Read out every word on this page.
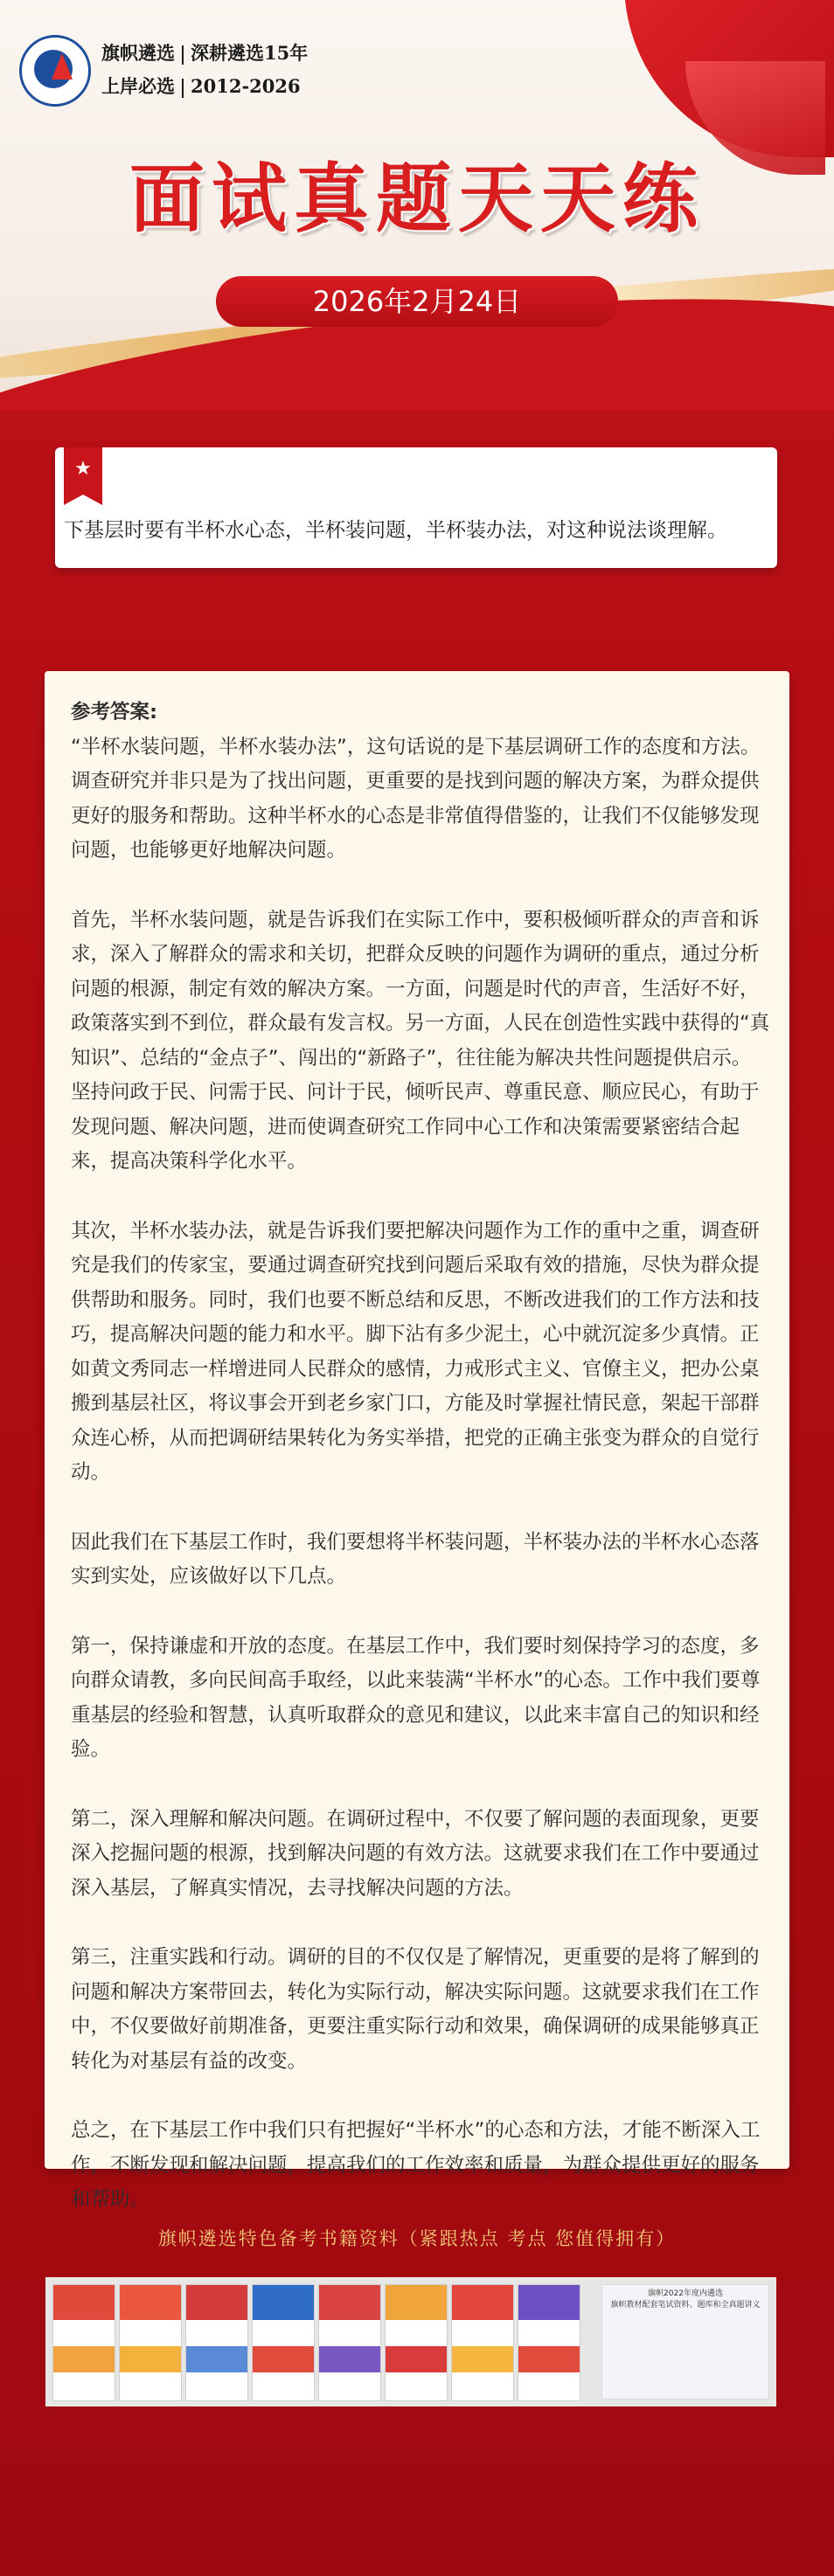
旗帜遴选 深耕遴选15年
上岸必选 2012-2026
面试真题天天练
2026年2月24日
★
下基层时要有半杯水心态，半杯装问题，半杯装办法，对这种说法谈理解。
参考答案:

“半杯水装问题，半杯水装办法”，这句话说的是下基层调研工作的态度和方法。调查研究并非只是为了找出问题，更重要的是找到问题的解决方案，为群众提供更好的服务和帮助。这种半杯水的心态是非常值得借鉴的，让我们不仅能够发现问题，也能够更好地解决问题。

首先，半杯水装问题，就是告诉我们在实际工作中，要积极倾听群众的声音和诉求，深入了解群众的需求和关切，把群众反映的问题作为调研的重点，通过分析问题的根源，制定有效的解决方案。一方面，问题是时代的声音，生活好不好，政策落实到不到位，群众最有发言权。另一方面，人民在创造性实践中获得的“真知识”、总结的“金点子”、闯出的“新路子”，往往能为解决共性问题提供启示。坚持问政于民、问需于民、问计于民，倾听民声、尊重民意、顺应民心，有助于发现问题、解决问题，进而使调查研究工作同中心工作和决策需要紧密结合起来，提高决策科学化水平。

其次，半杯水装办法，就是告诉我们要把解决问题作为工作的重中之重，调查研究是我们的传家宝，要通过调查研究找到问题后采取有效的措施，尽快为群众提供帮助和服务。同时，我们也要不断总结和反思，不断改进我们的工作方法和技巧，提高解决问题的能力和水平。脚下沾有多少泥土，心中就沉淀多少真情。正如黄文秀同志一样增进同人民群众的感情，力戒形式主义、官僚主义，把办公桌搬到基层社区，将议事会开到老乡家门口，方能及时掌握社情民意，架起干部群众连心桥，从而把调研结果转化为务实举措，把党的正确主张变为群众的自觉行动。

因此我们在下基层工作时，我们要想将半杯装问题，半杯装办法的半杯水心态落实到实处，应该做好以下几点。

第一，保持谦虚和开放的态度。在基层工作中，我们要时刻保持学习的态度，多向群众请教，多向民间高手取经，以此来装满“半杯水”的心态。工作中我们要尊重基层的经验和智慧，认真听取群众的意见和建议，以此来丰富自己的知识和经验。

第二，深入理解和解决问题。在调研过程中，不仅要了解问题的表面现象，更要深入挖掘问题的根源，找到解决问题的有效方法。这就要求我们在工作中要通过深入基层，了解真实情况，去寻找解决问题的方法。

第三，注重实践和行动。调研的目的不仅仅是了解情况，更重要的是将了解到的问题和解决方案带回去，转化为实际行动，解决实际问题。这就要求我们在工作中，不仅要做好前期准备，更要注重实际行动和效果，确保调研的成果能够真正转化为对基层有益的改变。

总之，在下基层工作中我们只有把握好“半杯水”的心态和方法，才能不断深入工作，不断发现和解决问题，提高我们的工作效率和质量，为群众提供更好的服务和帮助。

旗帜遴选特色备考书籍资料（紧跟热点 考点 您值得拥有）
旗帜2022年度内遴选
旗帜教材配套笔试资料、题库和全真题讲义
